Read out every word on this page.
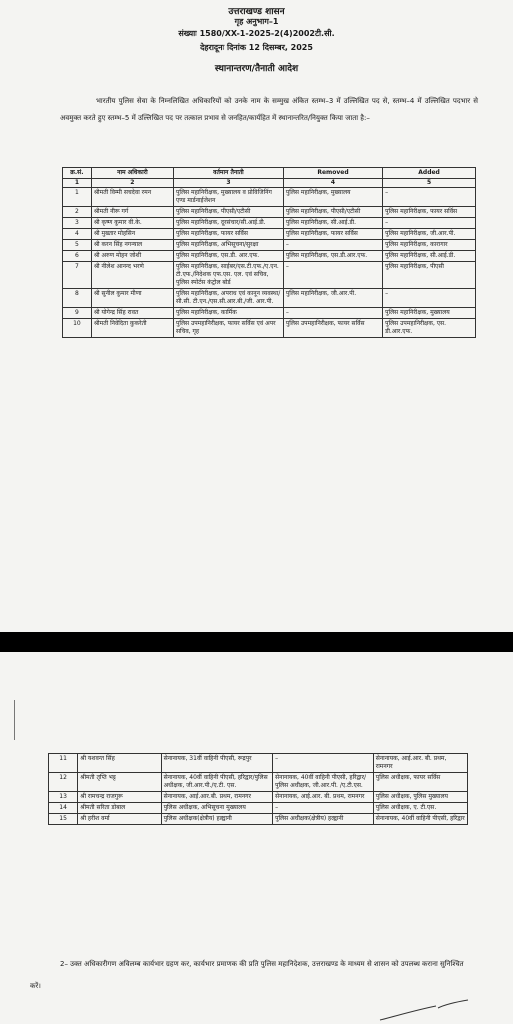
उत्तराखण्ड शासन
गृह अनुभाग–1
संख्याः 1580/XX-1-2025-2(4)2002टी.सी.
देहरादूनः दिनांक 12 दिसम्बर, 2025
स्थानान्तरण/तैनाती आदेश
भारतीय पुलिस सेवा के निम्नलिखित अधिकारियों को उनके नाम के सम्मुख अंकित स्तम्भ–3 में उल्लिखित पद से, स्तम्भ–4 में उल्लिखित पदभार से अवमुक्त करते हुए स्तम्भ–5 में उल्लिखित पद पर तत्काल प्रभाव से जनहित/कार्यहित में स्थानान्तरित/नियुक्त किया जाता है:–
क्र.सं.	नाम अधिकारी	वर्तमान तैनाती	Removed	Added
1	2	3	4	5
1	श्रीमती विम्मी सचदेवा रमन	पुलिस महानिरीक्षक, मुख्यालय व प्रोविजिनिंग एण्ड मार्डनाईजेशन	पुलिस महानिरीक्षक, मुख्यालय	–
2	श्रीमती नीरू गर्ग	पुलिस महानिरीक्षक, पीएसी/एटीसी	पुलिस महानिरीक्षक, पीएसी/एटीसी	पुलिस महानिरीक्षक, फायर सर्विस
3	श्री कृष्ण कुमार वी.के.	पुलिस महानिरीक्षक, दूरसंचार/सी.आई.डी.	पुलिस महानिरीक्षक, सी.आई.डी.	–
4	श्री मुख्तार मोहसिन	पुलिस महानिरीक्षक, फायर सर्विस	पुलिस महानिरीक्षक, फायर सर्विस	पुलिस महानिरीक्षक, जी.आर.पी.
5	श्री करन सिंह नगन्याल	पुलिस महानिरीक्षक, अभिसूचना/सुरक्षा	–	पुलिस महानिरीक्षक, कारागार
6	श्री अरुण मोहन जोशी	पुलिस महानिरीक्षक, एस.डी. आर.एफ.	पुलिस महानिरीक्षक, एस.डी.आर.एफ.	पुलिस महानिरीक्षक, सी.आई.डी.
7	श्री नीलेश आनन्द भरणे	पुलिस महानिरीक्षक, साईबर/एस.टी.एफ./ए.एन. टी.एफ./निदेशक एफ.एस. एल. एवं सचिव, पुलिस स्पोर्टस कंट्रोल बोर्ड	–	पुलिस महानिरीक्षक, पीएसी
8	श्री सुनील कुमार मीणा	पुलिस महानिरीक्षक, अपराध एवं कानून व्यवस्था/सी.सी. टी.एन./एस.सी.आर.बी./जी. आर.पी.	पुलिस महानिरीक्षक, जी.आर.पी.	–
9	श्री योगेन्द्र सिंह रावत	पुलिस महानिरीक्षक, कार्मिक	–	पुलिस महानिरीक्षक, मुख्यालय
10	श्रीमती निवेदिता कुकरेती	पुलिस उपमहानिरीक्षक, फायर सर्विस एवं अपर सचिव, गृह	पुलिस उपमहानिरीक्षक, फायर सर्विस	पुलिस उपमहानिरीक्षक, एस. डी.आर.एफ.
11	श्री यशवन्त सिंह	सेनानायक, 31वीं वाहिनी पीएसी, रूद्रपुर	–	सेनानायक, आई.आर. बी. प्रथम, रामनगर
12	श्रीमती तृप्ति भट्ट	सेनानायक, 40वीं वाहिनी पीएसी, हरिद्वार/पुलिस अधीक्षक, जी.आर.पी./ए.टी. एस.	सेनानायक, 40वीं वाहिनी पीएसी, हरिद्वार/पुलिस अधीक्षक, जी.आर.पी. /ए.टी.एस.	पुलिस अधीक्षक, फायर सर्विस
13	श्री रामचन्द्र राजगुरू	सेनानायक, आई.आर.बी. प्रथम, रामनगर	सेनानायक, आई.आर. बी. प्रथम, रामनगर	पुलिस अधीक्षक, पुलिस मुख्यालय
14	श्रीमती सरिता डोबाल	पुलिस अधीक्षक, अभिसूचना मुख्यालय	–	पुलिस अधीक्षक, ए. टी.एस.
15	श्री हरीश वर्मा	पुलिस अधीक्षक(क्षेत्रीय) हल्द्वानी	पुलिस अधीक्षक(क्षेत्रीय) हल्द्वानी	सेनानायक, 40वीं वाहिनी पीएसी, हरिद्वार
2– उक्त अधिकारीगण अविलम्ब कार्यभार ग्रहण कर, कार्यभार प्रमाणक की प्रति पुलिस महानिदेशक, उत्तराखण्ड के माध्यम से शासन को उपलब्ध कराना सुनिश्चित करें।
